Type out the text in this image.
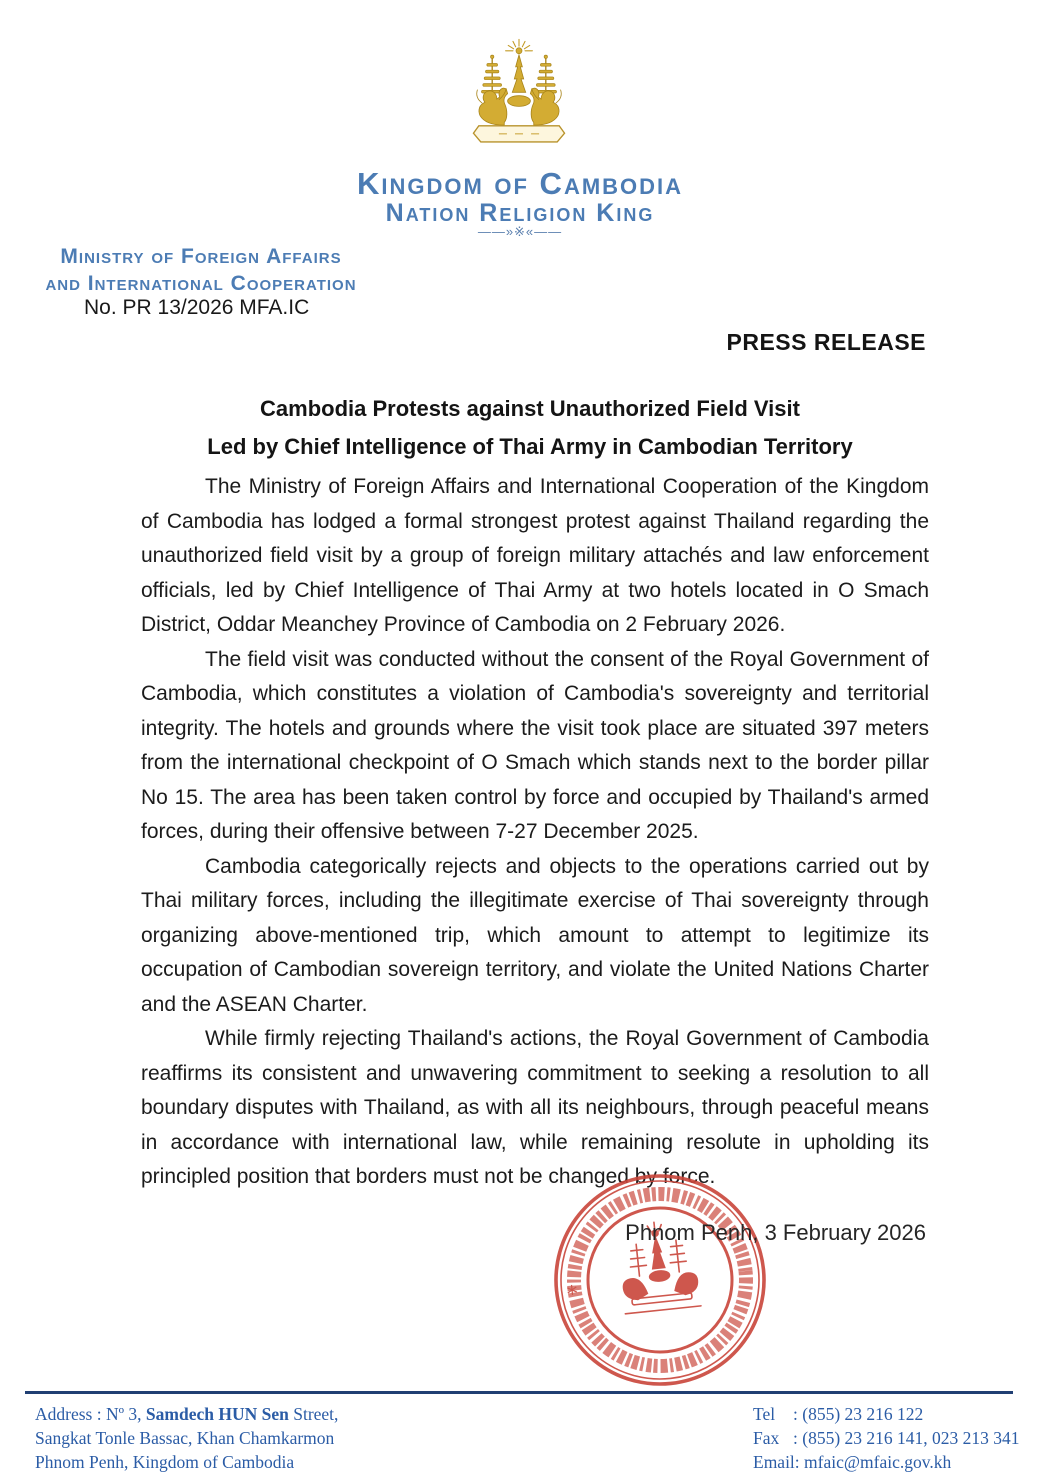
Kingdom of Cambodia
Nation Religion King
——»※«——
Ministry of Foreign Affairs
and International Cooperation
No. PR 13/2026 MFA.IC
PRESS RELEASE
Cambodia Protests against Unauthorized Field Visit
Led by Chief Intelligence of Thai Army in Cambodian Territory

The Ministry of Foreign Affairs and International Cooperation of the Kingdom of Cambodia has lodged a formal strongest protest against Thailand regarding the unauthorized field visit by a group of foreign military attachés and law enforcement officials, led by Chief Intelligence of Thai Army at two hotels located in O Smach District, Oddar Meanchey Province of Cambodia on 2 February 2026.

The field visit was conducted without the consent of the Royal Government of Cambodia, which constitutes a violation of Cambodia's sovereignty and territorial integrity. The hotels and grounds where the visit took place are situated 397 meters from the international checkpoint of O Smach which stands next to the border pillar No 15. The area has been taken control by force and occupied by Thailand's armed forces, during their offensive between 7-27 December 2025.

Cambodia categorically rejects and objects to the operations carried out by Thai military forces, including the illegitimate exercise of Thai sovereignty through organizing above-mentioned trip, which amount to attempt to legitimize its occupation of Cambodian sovereign territory, and violate the United Nations Charter and the ASEAN Charter.

While firmly rejecting Thailand's actions, the Royal Government of Cambodia reaffirms its consistent and unwavering commitment to seeking a resolution to all boundary disputes with Thailand, as with all its neighbours, through peaceful means in accordance with international law, while remaining resolute in upholding its principled position that borders must not be changed by force.

*
Phnom Penh, 3 February 2026
Address : Nº 3, Samdech HUN Sen Street,
Sangkat Tonle Bassac, Khan Chamkarmon
Phnom Penh, Kingdom of Cambodia
Tel : (855) 23 216 122
Fax : (855) 23 216 141, 023 213 341
Email: mfaic@mfaic.gov.kh
